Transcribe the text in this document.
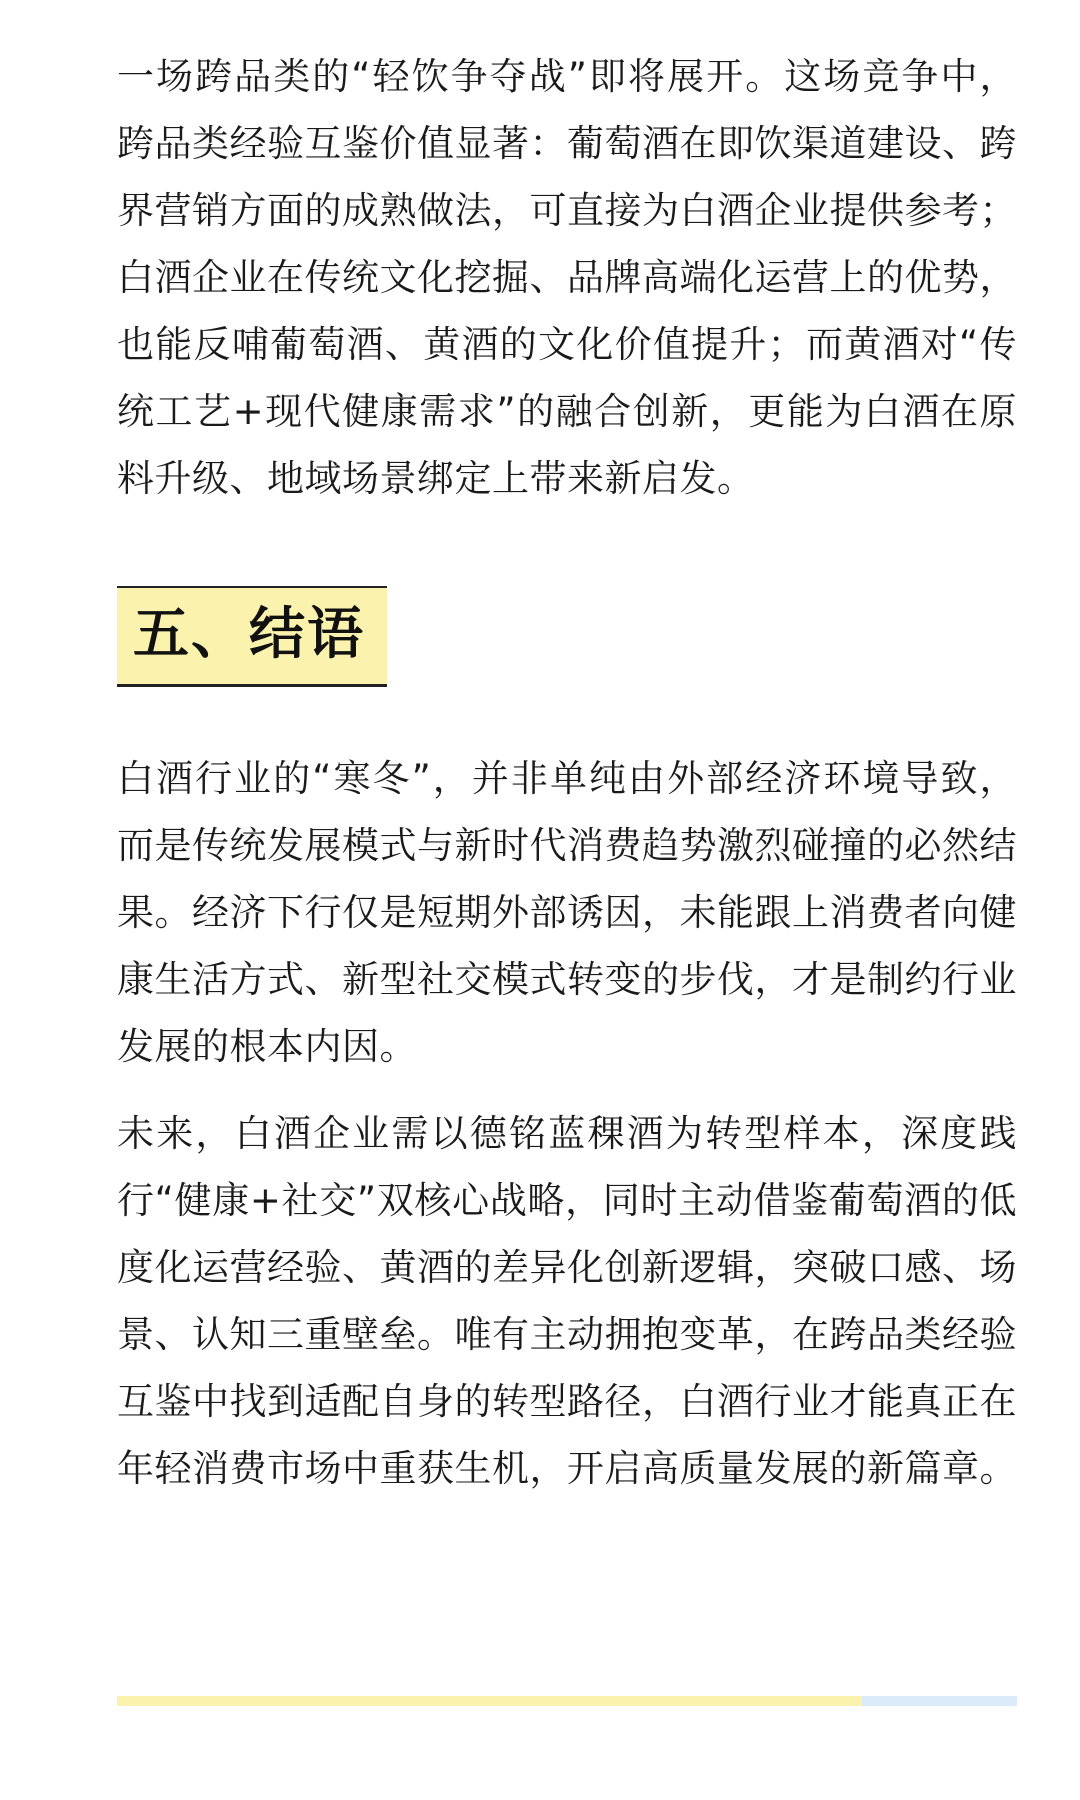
一场跨品类的“轻饮争夺战”即将展开。这场竞争中，跨品类经验互鉴价值显著：葡萄酒在即饮渠道建设、跨界营销方面的成熟做法，可直接为白酒企业提供参考；白酒企业在传统文化挖掘、品牌高端化运营上的优势，也能反哺葡萄酒、黄酒的文化价值提升；而黄酒对“传统工艺+现代健康需求”的融合创新，更能为白酒在原料升级、地域场景绑定上带来新启发。

五、结语

白酒行业的“寒冬”，并非单纯由外部经济环境导致，而是传统发展模式与新时代消费趋势激烈碰撞的必然结果。经济下行仅是短期外部诱因，未能跟上消费者向健康生活方式、新型社交模式转变的步伐，才是制约行业发展的根本内因。

未来，白酒企业需以德铭蓝稞酒为转型样本，深度践行“健康+社交”双核心战略，同时主动借鉴葡萄酒的低度化运营经验、黄酒的差异化创新逻辑，突破口感、场景、认知三重壁垒。唯有主动拥抱变革，在跨品类经验互鉴中找到适配自身的转型路径，白酒行业才能真正在年轻消费市场中重获生机，开启高质量发展的新篇章。
